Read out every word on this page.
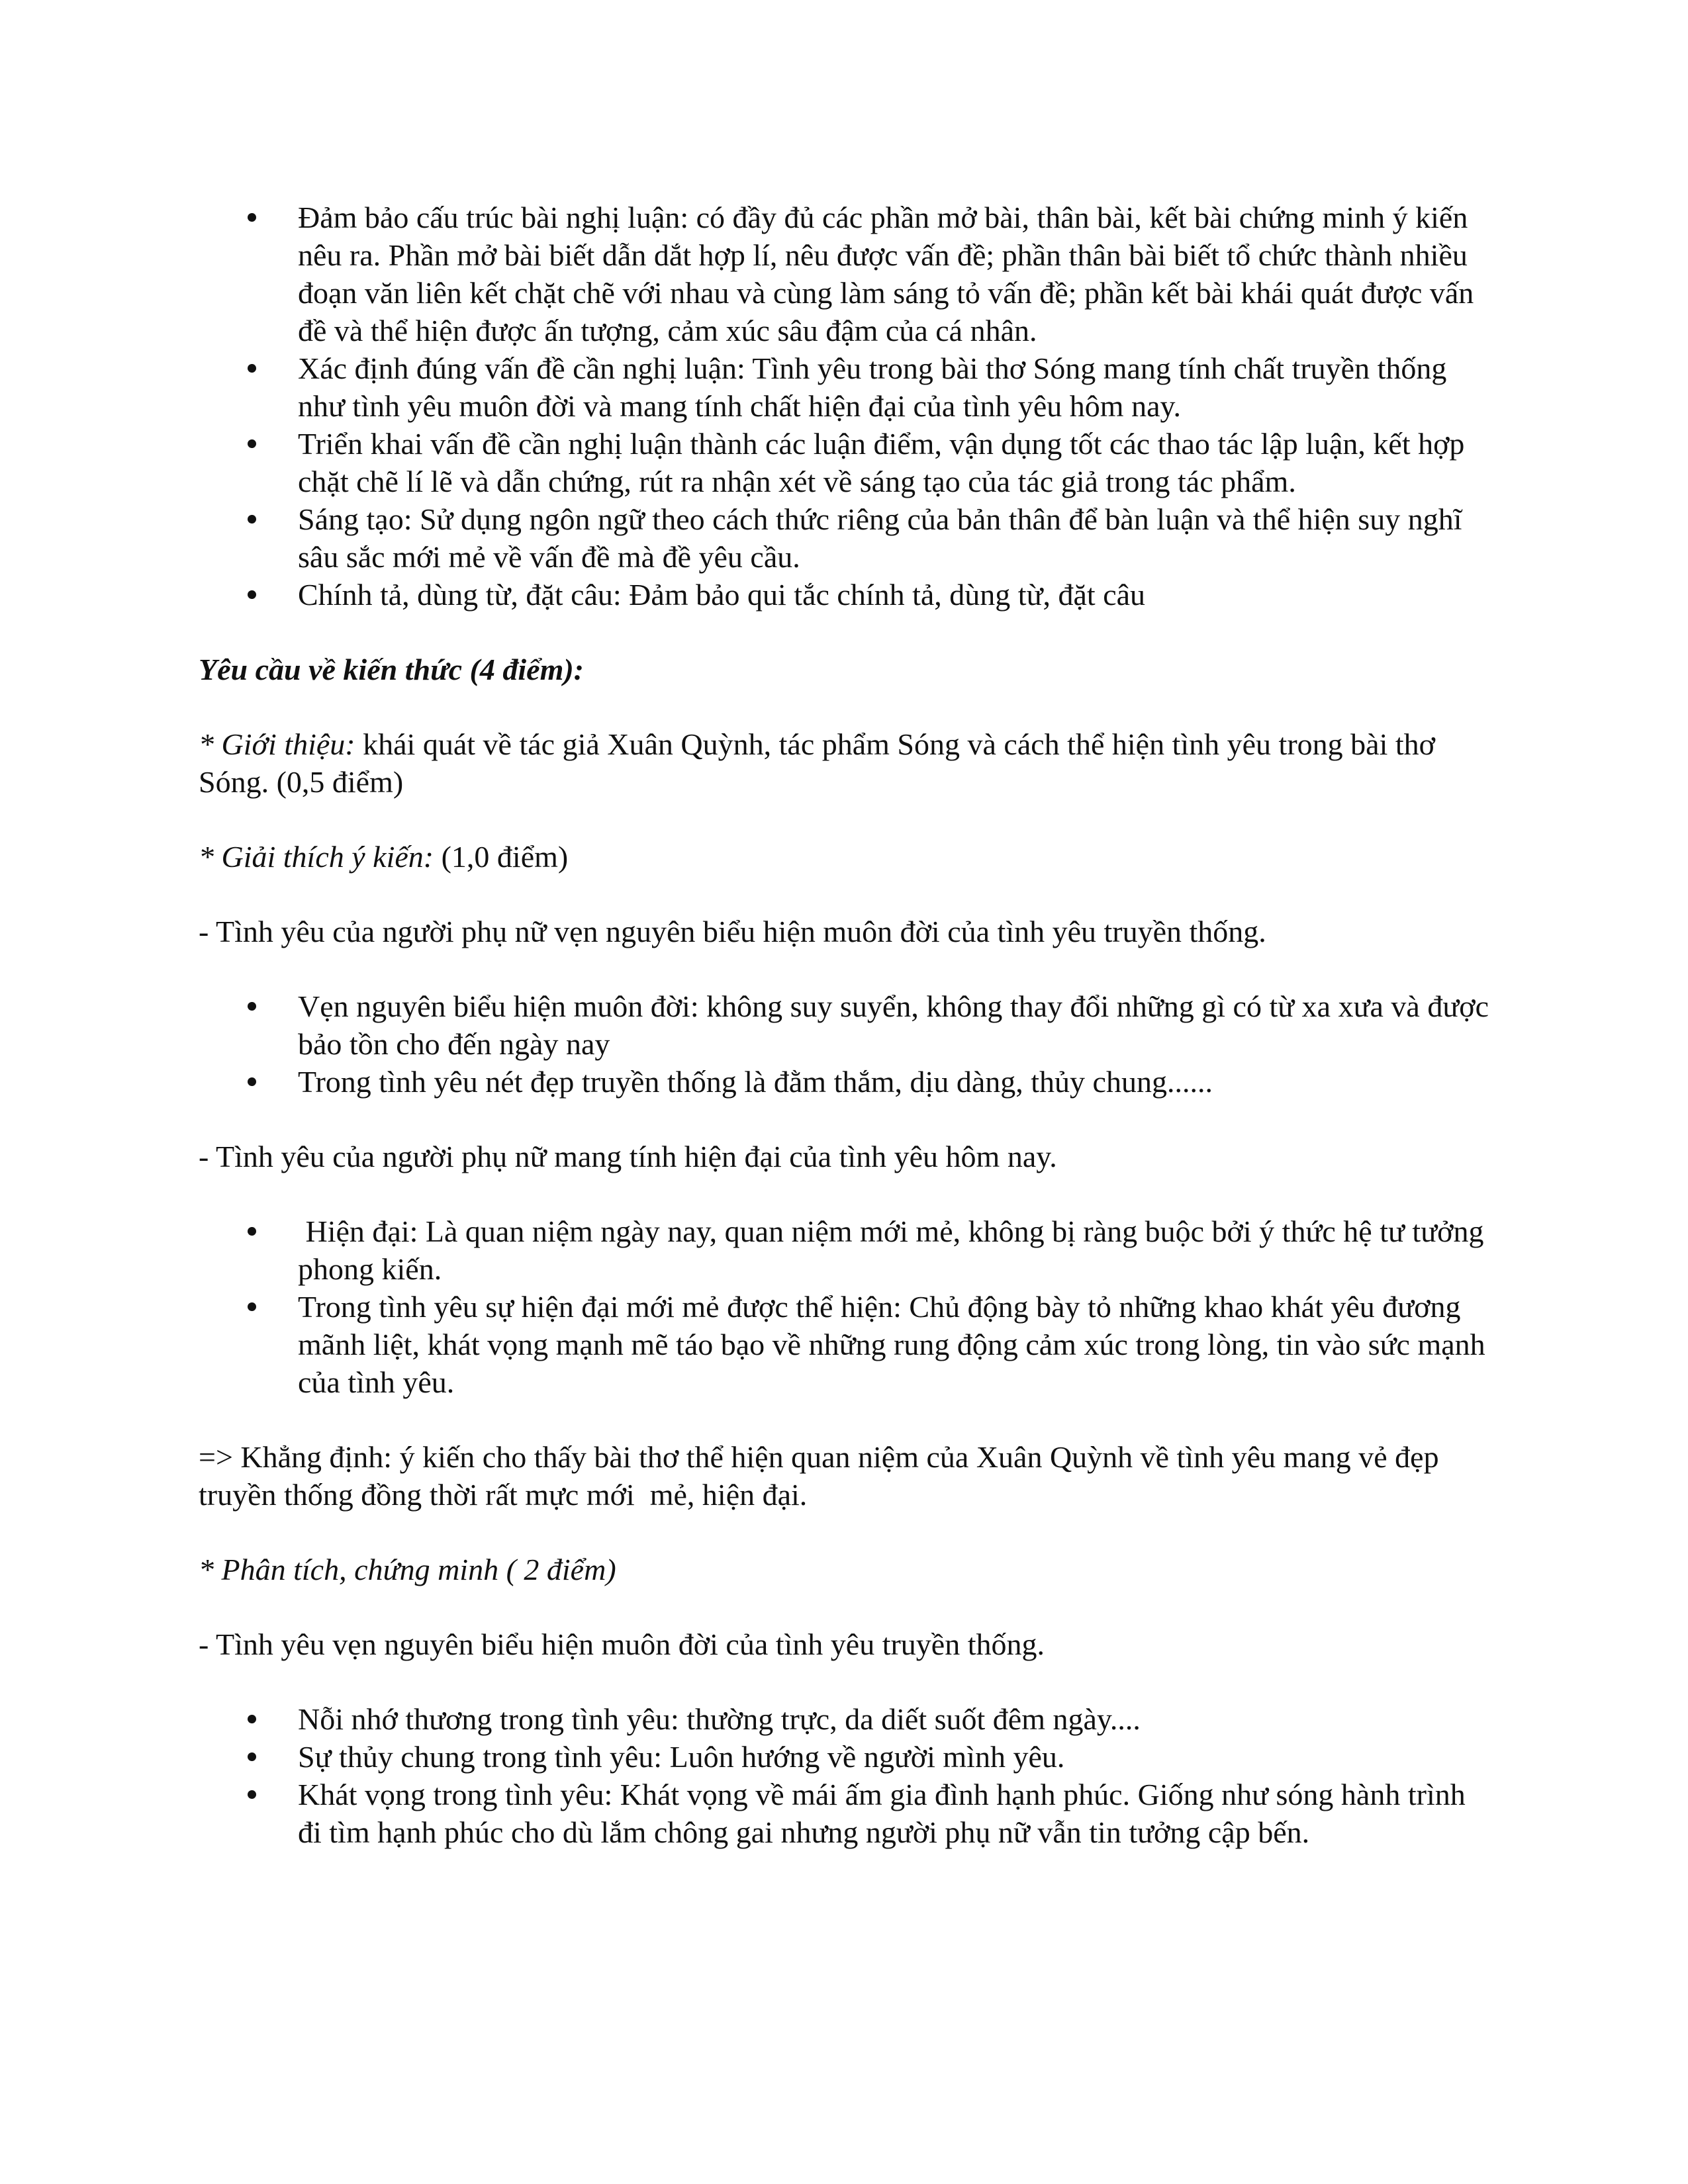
Đảm bảo cấu trúc bài nghị luận: có đầy đủ các phần mở bài, thân bài, kết bài chứng minh ý kiến nêu ra. Phần mở bài biết dẫn dắt hợp lí, nêu được vấn đề; phần thân bài biết tổ chức thành nhiều đoạn văn liên kết chặt chẽ với nhau và cùng làm sáng tỏ vấn đề; phần kết bài khái quát được vấn đề và thể hiện được ấn tượng, cảm xúc sâu đậm của cá nhân.
Xác định đúng vấn đề cần nghị luận: Tình yêu trong bài thơ Sóng mang tính chất truyền thống như tình yêu muôn đời và mang tính chất hiện đại của tình yêu hôm nay.
Triển khai vấn đề cần nghị luận thành các luận điểm, vận dụng tốt các thao tác lập luận, kết hợp chặt chẽ lí lẽ và dẫn chứng, rút ra nhận xét về sáng tạo của tác giả trong tác phẩm.
Sáng tạo: Sử dụng ngôn ngữ theo cách thức riêng của bản thân để bàn luận và thể hiện suy nghĩ sâu sắc mới mẻ về vấn đề mà đề yêu cầu.
Chính tả, dùng từ, đặt câu: Đảm bảo qui tắc chính tả, dùng từ, đặt câu

Yêu cầu về kiến thức (4 điểm):

* Giới thiệu: khái quát về tác giả Xuân Quỳnh, tác phẩm Sóng và cách thể hiện tình yêu trong bài thơ Sóng. (0,5 điểm)

* Giải thích ý kiến: (1,0 điểm)

- Tình yêu của người phụ nữ vẹn nguyên biểu hiện muôn đời của tình yêu truyền thống.

Vẹn nguyên biểu hiện muôn đời: không suy suyển, không thay đổi những gì có từ xa xưa và được bảo tồn cho đến ngày nay
Trong tình yêu nét đẹp truyền thống là đằm thắm, dịu dàng, thủy chung......

- Tình yêu của người phụ nữ mang tính hiện đại của tình yêu hôm nay.

Hiện đại: Là quan niệm ngày nay, quan niệm mới mẻ, không bị ràng buộc bởi ý thức hệ tư tưởng phong kiến.
Trong tình yêu sự hiện đại mới mẻ được thể hiện: Chủ động bày tỏ những khao khát yêu đương mãnh liệt, khát vọng mạnh mẽ táo bạo về những rung động cảm xúc trong lòng, tin vào sức mạnh của tình yêu.

=> Khẳng định: ý kiến cho thấy bài thơ thể hiện quan niệm của Xuân Quỳnh về tình yêu mang vẻ đẹp truyền thống đồng thời rất mực mới  mẻ, hiện đại.

* Phân tích, chứng minh ( 2 điểm)

- Tình yêu vẹn nguyên biểu hiện muôn đời của tình yêu truyền thống.

Nỗi nhớ thương trong tình yêu: thường trực, da diết suốt đêm ngày....
Sự thủy chung trong tình yêu: Luôn hướng về người mình yêu.
Khát vọng trong tình yêu: Khát vọng về mái ấm gia đình hạnh phúc. Giống như sóng hành trình đi tìm hạnh phúc cho dù lắm chông gai nhưng người phụ nữ vẫn tin tưởng cập bến.
